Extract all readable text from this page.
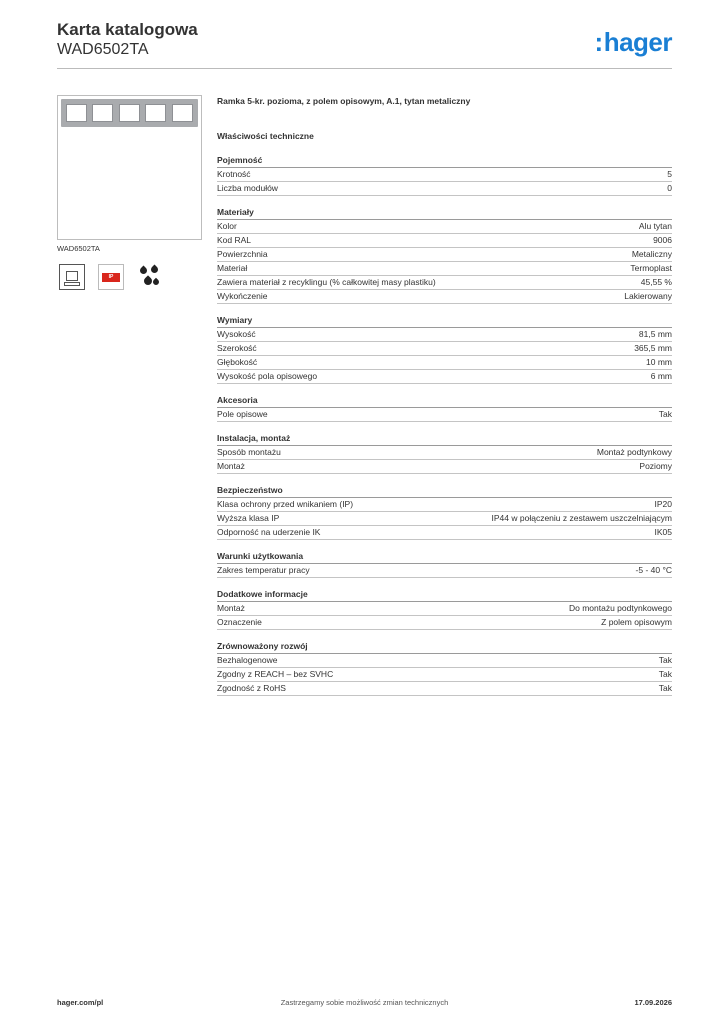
Karta katalogowa
WAD6502TA	:hager
WAD6502TA
IP
Ramka 5-kr. pozioma, z polem opisowym, A.1, tytan metaliczny
Właściwości techniczne
Pojemność
Krotność	5
Liczba modułów	0
Materiały
Kolor	Alu tytan
Kod RAL	9006
Powierzchnia	Metaliczny
Materiał	Termoplast
Zawiera materiał z recyklingu (% całkowitej masy plastiku)	45,55 %
Wykończenie	Lakierowany
Wymiary
Wysokość	81,5 mm
Szerokość	365,5 mm
Głębokość	10 mm
Wysokość pola opisowego	6 mm
Akcesoria
Pole opisowe	Tak
Instalacja, montaż
Sposób montażu	Montaż podtynkowy
Montaż	Poziomy
Bezpieczeństwo
Klasa ochrony przed wnikaniem (IP)	IP20
Wyższa klasa IP	IP44 w połączeniu z zestawem uszczelniającym
Odporność na uderzenie IK	IK05
Warunki użytkowania
Zakres temperatur pracy	-5 - 40 °C
Dodatkowe informacje
Montaż	Do montażu podtynkowego
Oznaczenie	Z polem opisowym
Zrównoważony rozwój
Bezhalogenowe	Tak
Zgodny z REACH – bez SVHC	Tak
Zgodność z RoHS	Tak
hager.com/pl	Zastrzegamy sobie możliwość zmian technicznych	17.09.2026
